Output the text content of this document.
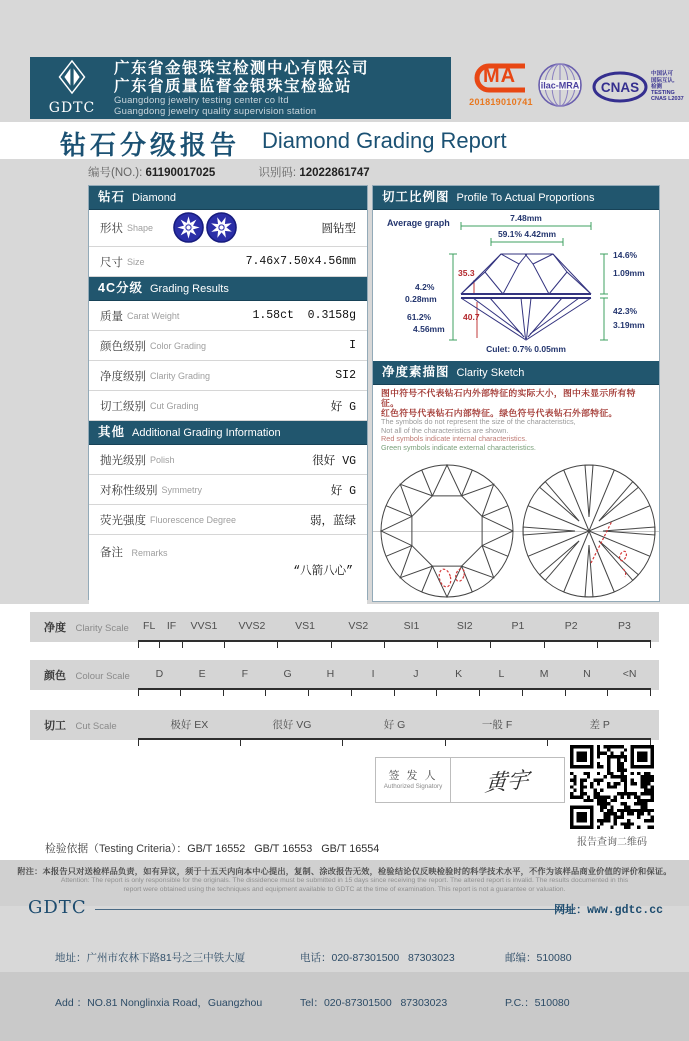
GDTC
广东省金银珠宝检测中心有限公司
广东省质量监督金银珠宝检验站
Guangdong jewelry testing center co ltd
Guangdong jewelry quality supervision station
MA
201819010741
ilac-MRA CNAS
中国认可
国际互认,
检测
TESTING
CNAS L2037
钻石分级报告 Diamond Grading Report
编号(NO.): 61190017025	识别码: 12022861747
钻石 Diamond
形状 Shape	圆钻型
尺寸 Size	7.46x7.50x4.56mm
4C分级 Grading Results
质量 Carat Weight	1.58ct  0.3158g
颜色级别 Color Grading	I
净度级别 Clarity Grading	SI2
切工级别 Cut Grading	好 G
其他 Additional Grading Information
抛光级别 Polish	很好 VG
对称性级别 Symmetry	好 G
荧光强度 Fluorescence Degree	弱，蓝绿
备注 Remarks
“八箭八心”
切工比例图 Profile To Actual Proportions
Average graph	7.48mm
59.1% 4.42mm
35.3
14.6%
1.09mm
4.2%
0.28mm
61.2%
4.56mm
40.7
42.3%
3.19mm
Culet: 0.7% 0.05mm
净度素描图 Clarity Sketch
图中符号不代表钻石内外部特征的实际大小，图中未显示所有特征。
红色符号代表钻石内部特征。绿色符号代表钻石外部特征。
The symbols do not represent the size of the characteristics,
Not all of the characteristics are shown.
Red symbols indicate internal characteristics.
Green symbols indicate external characteristics.
净度 Clarity Scale	FL	IF	VVS1	VVS2	VS1	VS2	SI1	SI2	P1	P2	P3
颜色 Colour Scale	D	E	F	G	H	I	J	K	L	M	N	<N
切工 Cut Scale	极好 EX	很好 VG	好 G	一般 F	差 P
签 发 人
Authorized Signatory 黄宇
报告查询二维码
检验依据（Testing Criteria）：GB/T 16552   GB/T 16553   GB/T 16554
附注：本报告只对送检样品负责，如有异议，须于十五天内向本中心提出，复制、涂改报告无效，检验结论仅反映检验时的科学技术水平，不作为该样品商业价值的评价和保证。
Attention: The report is only responsible for the originals. The dissidence must be submitted in 15 days since receiving the report. The altered report is invalid. The results documented in this
report were obtained using the techniques and equipment available to GDTC at the time of examination. This report is not a guarantee or valuation.
GDTC	网址：www.gdtc.cc

地址：广州市农林下路81号之三中铁大厦

Add ：NO.81 Nonglinxia Road，Guangzhou

电话：020-87301500 87303023

Tel：020-87301500 87303023

邮编：510080

P.C.：510080
